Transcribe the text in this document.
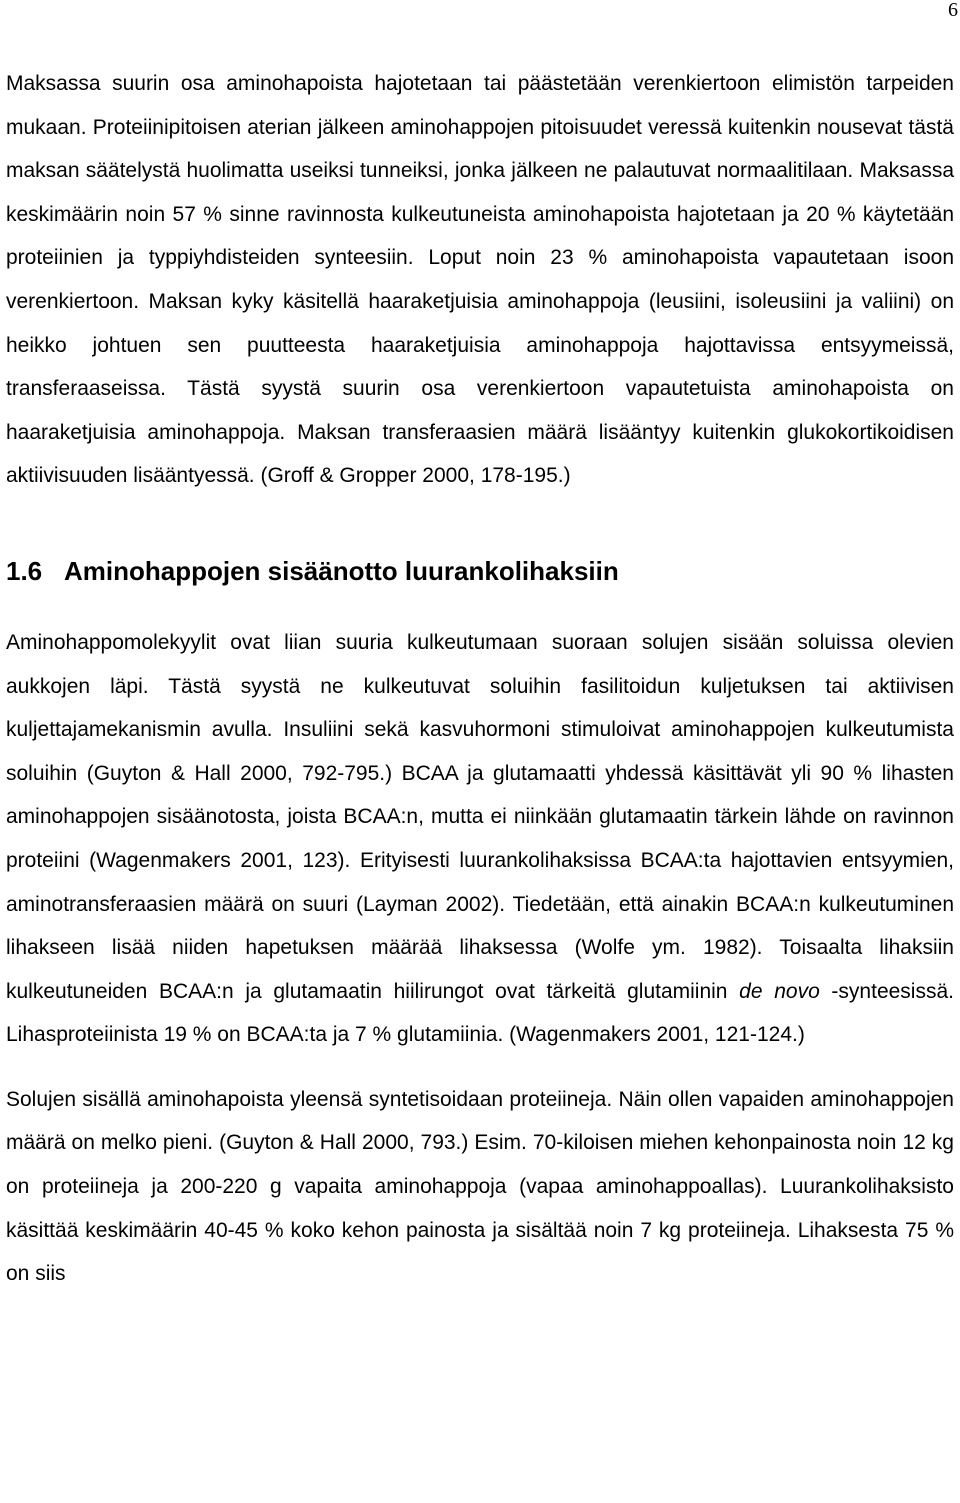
6

Maksassa suurin osa aminohapoista hajotetaan tai päästetään verenkiertoon elimistön tarpeiden mukaan. Proteiinipitoisen aterian jälkeen aminohappojen pitoisuudet veressä kuitenkin nousevat tästä maksan säätelystä huolimatta useiksi tunneiksi, jonka jälkeen ne palautuvat normaalitilaan. Maksassa keskimäärin noin 57 % sinne ravinnosta kulkeutuneista aminohapoista hajotetaan ja 20 % käytetään proteiinien ja typpiyhdisteiden synteesiin. Loput noin 23 % aminohapoista vapautetaan isoon verenkiertoon. Maksan kyky käsitellä haaraketjuisia aminohappoja (leusiini, isoleusiini ja valiini) on heikko johtuen sen puutteesta haaraketjuisia aminohappoja hajottavissa entsyymeissä, transferaaseissa. Tästä syystä suurin osa verenkiertoon vapautetuista aminohapoista on haaraketjuisia aminohappoja. Maksan transferaasien määrä lisääntyy kuitenkin glukokortikoidisen aktiivisuuden lisääntyessä. (Groff & Gropper 2000, 178-195.)

1.6 Aminohappojen sisäänotto luurankolihaksiin

Aminohappomolekyylit ovat liian suuria kulkeutumaan suoraan solujen sisään soluissa olevien aukkojen läpi. Tästä syystä ne kulkeutuvat soluihin fasilitoidun kuljetuksen tai aktiivisen kuljettajamekanismin avulla. Insuliini sekä kasvuhormoni stimuloivat aminohappojen kulkeutumista soluihin (Guyton & Hall 2000, 792-795.) BCAA ja glutamaatti yhdessä käsittävät yli 90 % lihasten aminohappojen sisäänotosta, joista BCAA:n, mutta ei niinkään glutamaatin tärkein lähde on ravinnon proteiini (Wagenmakers 2001, 123). Erityisesti luurankolihaksissa BCAA:ta hajottavien entsyymien, aminotransferaasien määrä on suuri (Layman 2002). Tiedetään, että ainakin BCAA:n kulkeutuminen lihakseen lisää niiden hapetuksen määrää lihaksessa (Wolfe ym. 1982). Toisaalta lihaksiin kulkeutuneiden BCAA:n ja glutamaatin hiilirungot ovat tärkeitä glutamiinin de novo -synteesissä. Lihasproteiinista 19 % on BCAA:ta ja 7 % glutamiinia. (Wagenmakers 2001, 121-124.)

Solujen sisällä aminohapoista yleensä syntetisoidaan proteiineja. Näin ollen vapaiden aminohappojen määrä on melko pieni. (Guyton & Hall 2000, 793.) Esim. 70-kiloisen miehen kehonpainosta noin 12 kg on proteiineja ja 200-220 g vapaita aminohappoja (vapaa aminohappoallas). Luurankolihaksisto käsittää keskimäärin 40-45 % koko kehon painosta ja sisältää noin 7 kg proteiineja. Lihaksesta 75 % on siis
